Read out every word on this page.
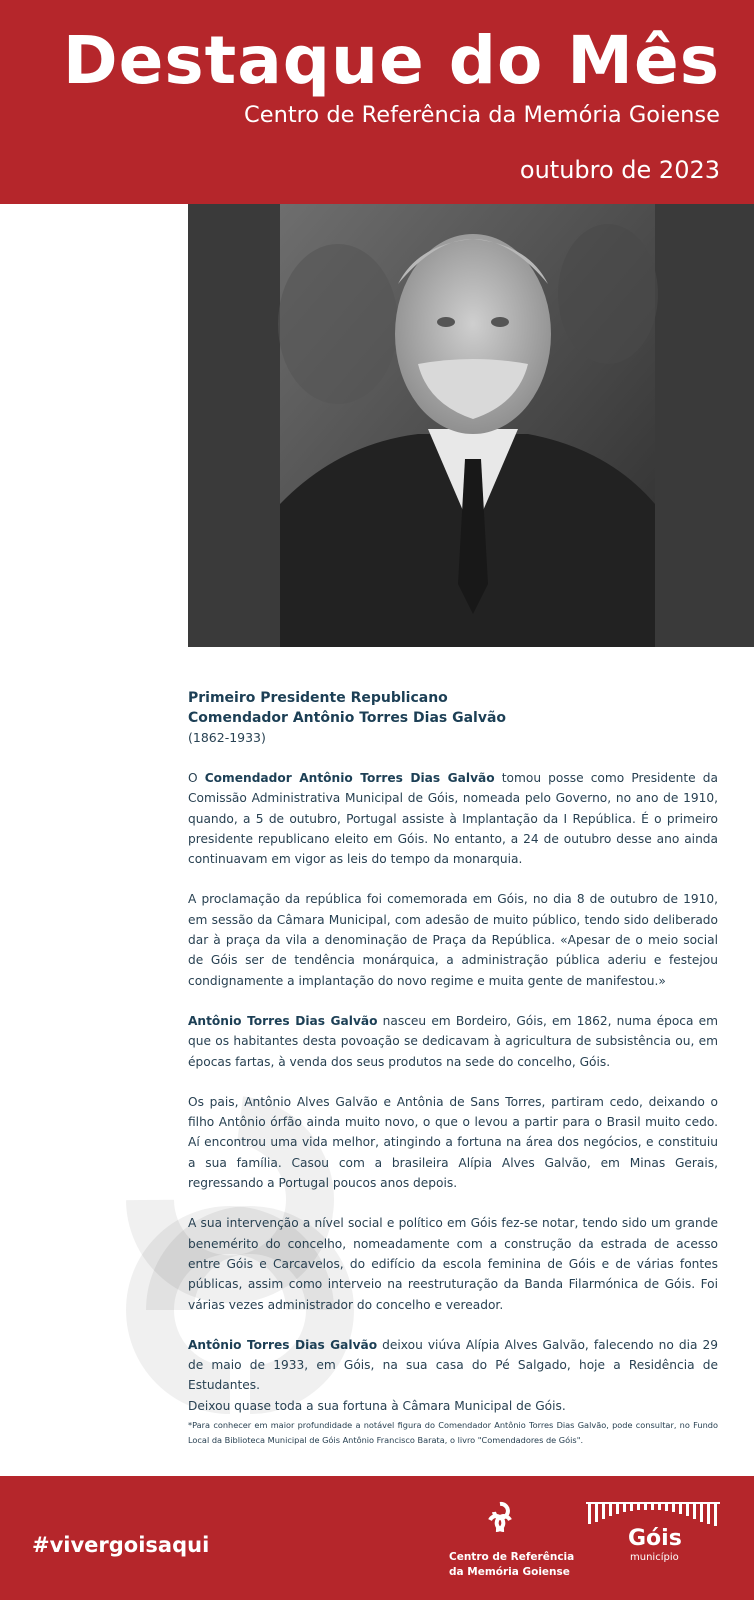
Destaque do Mês
Centro de Referência da Memória Goiense
outubro de 2023
Primeiro Presidente Republicano
Comendador Antônio Torres Dias Galvão
(1862-1933)

O Comendador Antônio Torres Dias Galvão tomou posse como Presidente da Comissão Administrativa Municipal de Góis, nomeada pelo Governo, no ano de 1910, quando, a 5 de outubro, Portugal assiste à Implantação da I República. É o primeiro presidente republicano eleito em Góis. No entanto, a 24 de outubro desse ano ainda continuavam em vigor as leis do tempo da monarquia.

A proclamação da república foi comemorada em Góis, no dia 8 de outubro de 1910, em sessão da Câmara Municipal, com adesão de muito público, tendo sido deliberado dar à praça da vila a denominação de Praça da República. «Apesar de o meio social de Góis ser de tendência monárquica, a administração pública aderiu e festejou condignamente a implantação do novo regime e muita gente de manifestou.»

Antônio Torres Dias Galvão nasceu em Bordeiro, Góis, em 1862, numa época em que os habitantes desta povoação se dedicavam à agricultura de subsistência ou, em épocas fartas, à venda dos seus produtos na sede do concelho, Góis.

Os pais, Antônio Alves Galvão e Antônia de Sans Torres, partiram cedo, deixando o filho Antônio órfão ainda muito novo, o que o levou a partir para o Brasil muito cedo. Aí encontrou uma vida melhor, atingindo a fortuna na área dos negócios, e constituiu a sua família. Casou com a brasileira Alípia Alves Galvão, em Minas Gerais, regressando a Portugal poucos anos depois.

A sua intervenção a nível social e político em Góis fez-se notar, tendo sido um grande benemérito do concelho, nomeadamente com a construção da estrada de acesso entre Góis e Carcavelos, do edifício da escola feminina de Góis e de várias fontes públicas, assim como interveio na reestruturação da Banda Filarmónica de Góis. Foi várias vezes administrador do concelho e vereador.

Antônio Torres Dias Galvão deixou viúva Alípia Alves Galvão, falecendo no dia 29 de maio de 1933, em Góis, na sua casa do Pé Salgado, hoje a Residência de Estudantes.
Deixou quase toda a sua fortuna à Câmara Municipal de Góis.

*Para conhecer em maior profundidade a notável figura do Comendador Antônio Torres Dias Galvão, pode consultar, no Fundo Local da Biblioteca Municipal de Góis Antônio Francisco Barata, o livro "Comendadores de Góis".
#vivergoisaqui	Centro de Referência
da Memória Goiense
Góis
município
